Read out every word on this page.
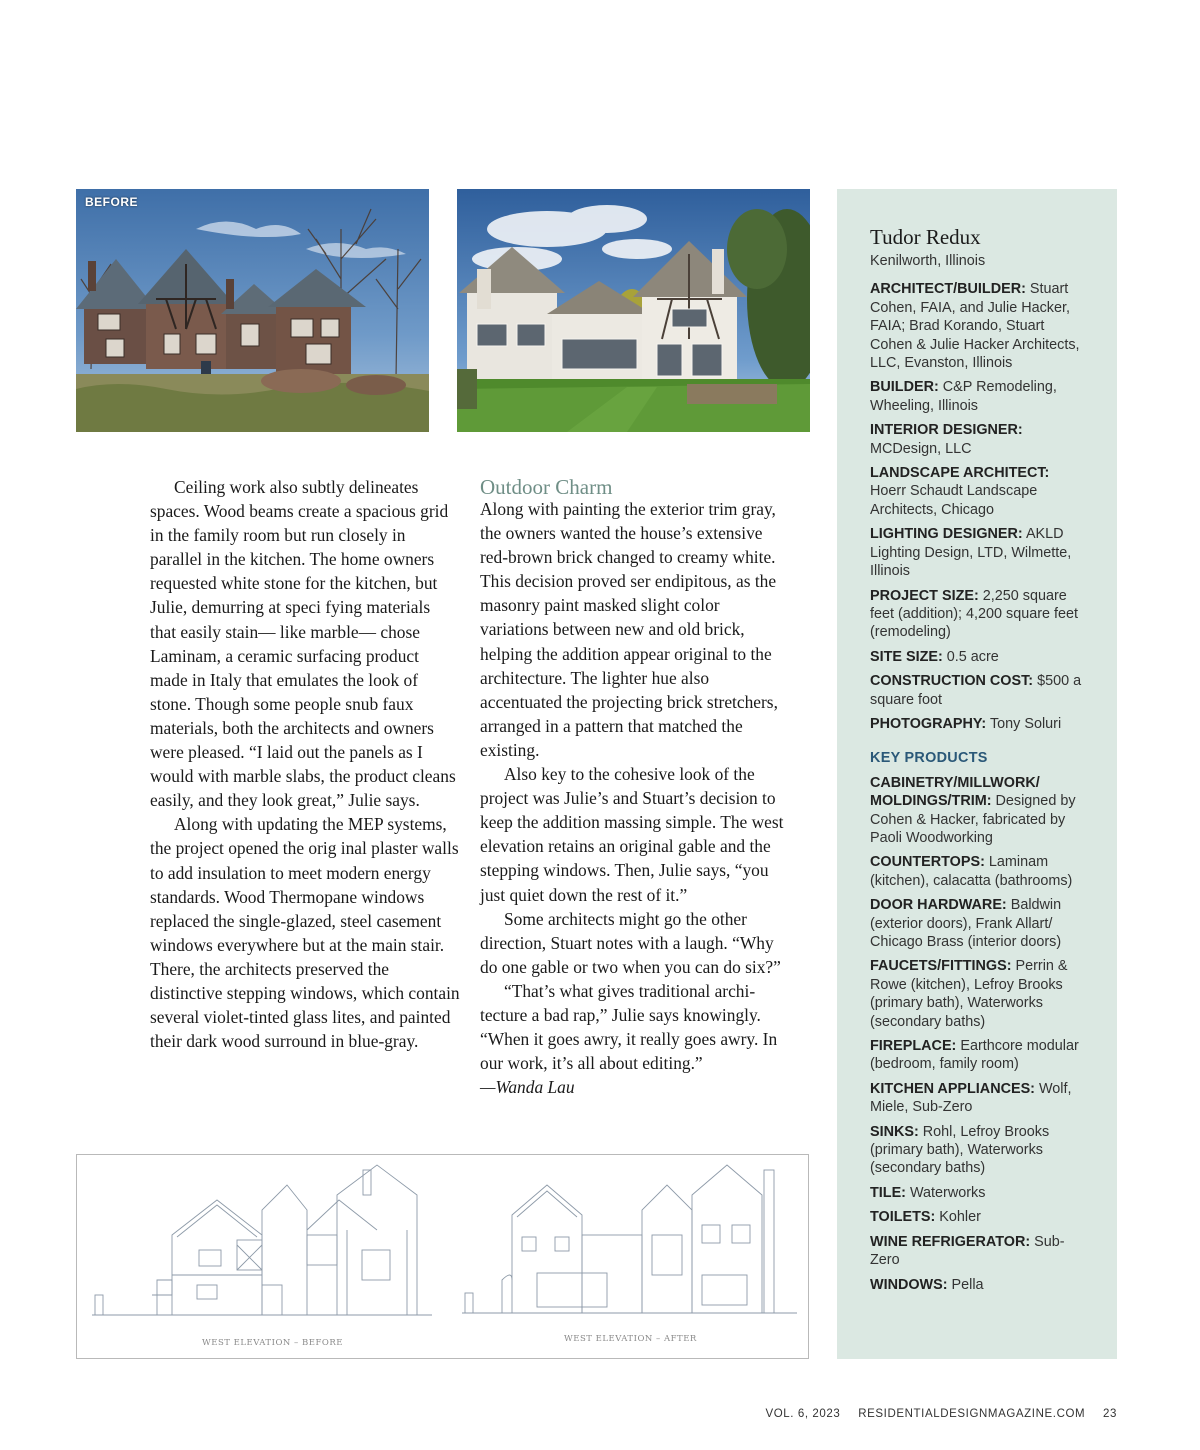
BEFORE

Ceiling work also subtly delineates spaces. Wood beams create a spacious grid in the family room but run closely in parallel in the kitchen. The home owners requested white stone for the kitchen, but Julie, demurring at speci fying materials that easily stain— like marble— chose Laminam, a ceramic surfacing product made in Italy that emulates the look of stone. Though some people snub faux materials, both the architects and owners were pleased. “I laid out the panels as I would with marble slabs, the product cleans easily, and they look great,” Julie says.

Along with updating the MEP systems, the project opened the orig inal plaster walls to add insulation to meet modern energy standards. Wood Thermopane windows replaced the single-glazed, steel casement windows everywhere but at the main stair. There, the architects preserved the distinctive stepping windows, which contain several violet-tinted glass lites, and painted their dark wood surround in blue-gray.

Outdoor Charm

Along with painting the exterior trim gray, the owners wanted the house’s extensive red-brown brick changed to creamy white. This decision proved ser endipitous, as the masonry paint masked slight color variations between new and old brick, helping the addition appear original to the architecture. The lighter hue also accentuated the projecting brick stretchers, arranged in a pattern that matched the existing.

Also key to the cohesive look of the project was Julie’s and Stuart’s decision to keep the addition massing simple. The west elevation retains an original gable and the stepping windows. Then, Julie says, “you just quiet down the rest of it.”

Some architects might go the other direction, Stuart notes with a laugh. “Why do one gable or two when you can do six?”

“That’s what gives traditional archi tecture a bad rap,” Julie says knowingly. “When it goes awry, it really goes awry. In our work, it’s all about editing.”

—Wanda Lau

WEST ELEVATION – BEFORE	WEST ELEVATION – AFTER
Tudor Redux
Kenilworth, Illinois
ARCHITECT/BUILDER: Stuart Cohen, FAIA, and Julie Hacker, FAIA; Brad Korando, Stuart Cohen & Julie Hacker Architects, LLC, Evanston, Illinois
BUILDER: C&P Remodeling, Wheeling, Illinois
INTERIOR DESIGNER: MCDesign, LLC
LANDSCAPE ARCHITECT: Hoerr Schaudt Landscape Architects, Chicago
LIGHTING DESIGNER: AKLD Lighting Design, LTD, Wilmette, Illinois
PROJECT SIZE: 2,250 square feet (addition); 4,200 square feet (remodeling)
SITE SIZE: 0.5 acre
CONSTRUCTION COST: $500 a square foot
PHOTOGRAPHY: Tony Soluri
KEY PRODUCTS
CABINETRY/MILLWORK/ MOLDINGS/TRIM: Designed by Cohen & Hacker, fabricated by Paoli Woodworking
COUNTERTOPS: Laminam (kitchen), calacatta (bathrooms)
DOOR HARDWARE: Baldwin (exterior doors), Frank Allart/ Chicago Brass (interior doors)
FAUCETS/FITTINGS: Perrin & Rowe (kitchen), Lefroy Brooks (primary bath), Waterworks (secondary baths)
FIREPLACE: Earthcore modular (bedroom, family room)
KITCHEN APPLIANCES: Wolf, Miele, Sub-Zero
SINKS: Rohl, Lefroy Brooks (primary bath), Waterworks (secondary baths)
TILE: Waterworks
TOILETS: Kohler
WINE REFRIGERATOR: Sub-Zero
WINDOWS: Pella
VOL. 6, 2023 RESIDENTIALDESIGNMAGAZINE.COM 23
